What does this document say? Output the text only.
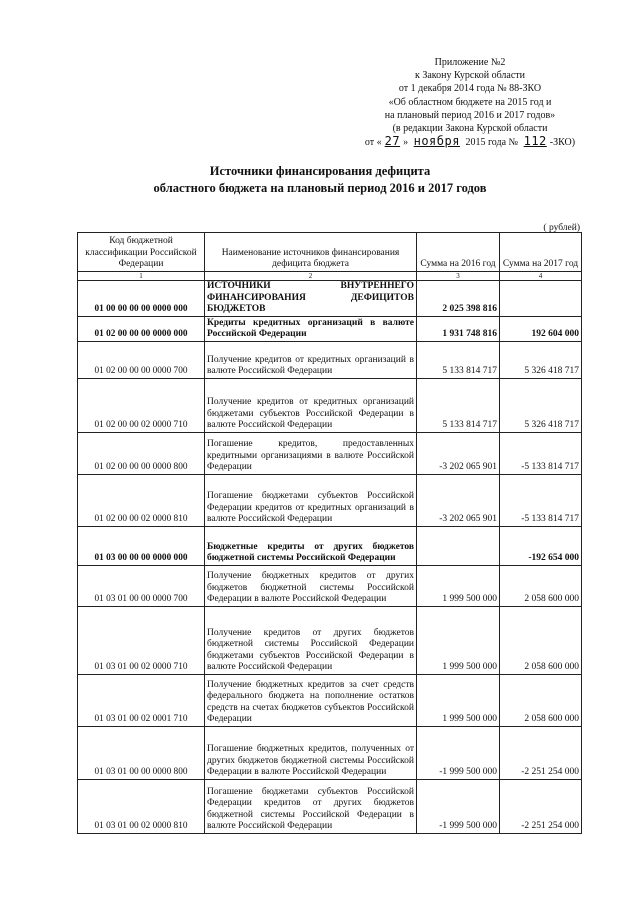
Приложение №2
к Закону Курской области
от 1 декабря 2014 года № 88-ЗКО
«Об областном бюджете на 2015 год и
на плановый период 2016 и 2017 годов»
(в редакции Закона Курской области
от « 27 » ноября 2015 года № 112 -ЗКО)
Источники финансирования дефицита
областного бюджета на плановый период 2016 и 2017 годов
( рублей)
Код бюджетной классификации Российской Федерации	Наименование источников финансирования дефицита бюджета	Сумма на 2016 год	Сумма на 2017 год
1	2	3	4
01 00 00 00 00 0000 000	ИСТОЧНИКИ ВНУТРЕННЕГО ФИНАНСИРОВАНИЯ ДЕФИЦИТОВ БЮДЖЕТОВ	2 025 398 816	
01 02 00 00 00 0000 000	Кредиты кредитных организаций в валюте Российской Федерации	1 931 748 816	192 604 000
01 02 00 00 00 0000 700	Получение кредитов от кредитных организаций в валюте Российской Федерации	5 133 814 717	5 326 418 717
01 02 00 00 02 0000 710	Получение кредитов от кредитных организаций бюджетами субъектов Российской Федерации в валюте Российской Федерации	5 133 814 717	5 326 418 717
01 02 00 00 00 0000 800	Погашение кредитов, предоставленных кредитными организациями в валюте Российской Федерации	-3 202 065 901	-5 133 814 717
01 02 00 00 02 0000 810	Погашение бюджетами субъектов Российской Федерации кредитов от кредитных организаций в валюте Российской Федерации	-3 202 065 901	-5 133 814 717
01 03 00 00 00 0000 000	Бюджетные кредиты от других бюджетов бюджетной системы Российской Федерации		-192 654 000
01 03 01 00 00 0000 700	Получение бюджетных кредитов от других бюджетов бюджетной системы Российской Федерации в валюте Российской Федерации	1 999 500 000	2 058 600 000
01 03 01 00 02 0000 710	Получение кредитов от других бюджетов бюджетной системы Российской Федерации бюджетами субъектов Российской Федерации в валюте Российской Федерации	1 999 500 000	2 058 600 000
01 03 01 00 02 0001 710	Получение бюджетных кредитов за счет средств федерального бюджета на пополнение остатков средств на счетах бюджетов субъектов Российской Федерации	1 999 500 000	2 058 600 000
01 03 01 00 00 0000 800	Погашение бюджетных кредитов, полученных от других бюджетов бюджетной системы Российской Федерации в валюте Российской Федерации	-1 999 500 000	-2 251 254 000
01 03 01 00 02 0000 810	Погашение бюджетами субъектов Российской Федерации кредитов от других бюджетов бюджетной системы Российской Федерации в валюте Российской Федерации	-1 999 500 000	-2 251 254 000
